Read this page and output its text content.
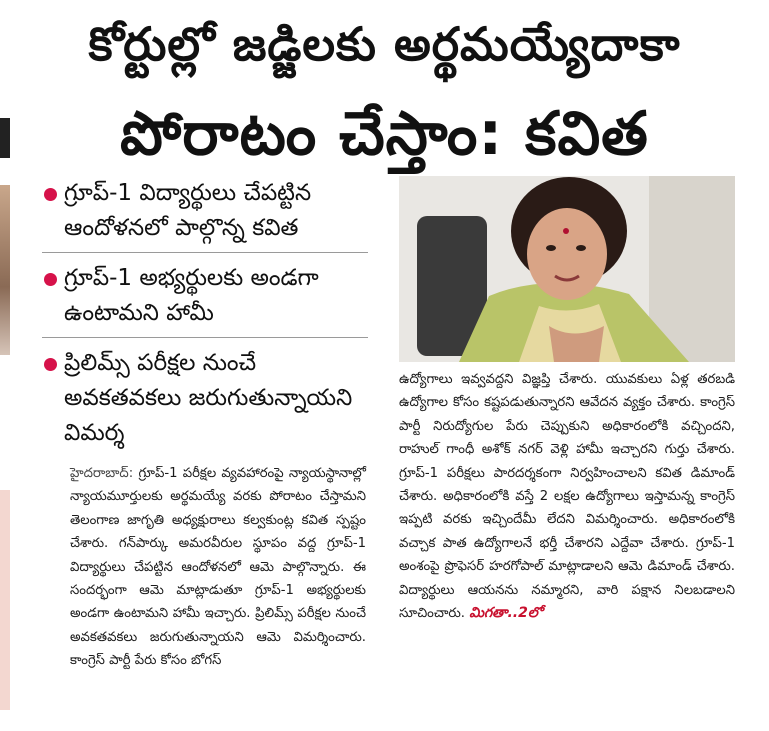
కోర్టుల్లో జడ్జిలకు అర్థమయ్యేదాకా
పోరాటం చేస్తాం: కవిత
గ్రూప్-1 విద్యార్థులు చేపట్టిన ఆందోళనలో పాల్గొన్న కవిత
గ్రూప్-1 అభ్యర్థులకు అండగా ఉంటామని హామీ
ప్రిలిమ్స్ పరీక్షల నుంచే అవకతవకలు జరుగుతున్నాయని విమర్శ

హైదరాబాద్: గ్రూప్-1 పరీక్షల వ్యవహారంపై న్యాయస్థానాల్లో న్యాయమూర్తులకు అర్థమయ్యే వరకు పోరాటం చేస్తామని తెలంగాణ జాగృతి అధ్యక్షురాలు కల్వకుంట్ల కవిత స్పష్టం చేశారు. గన్‌పార్కు అమరవీరుల స్థూపం వద్ద గ్రూప్-1 విద్యార్థులు చేపట్టిన ఆందోళనలో ఆమె పాల్గొన్నారు. ఈ సందర్భంగా ఆమె మాట్లాడుతూ గ్రూప్-1 అభ్యర్థులకు అండగా ఉంటామని హామీ ఇచ్చారు. ప్రిలిమ్స్ పరీక్షల నుంచే అవకతవకలు జరుగుతున్నాయని ఆమె విమర్శించారు. కాంగ్రెస్ పార్టీ పేరు కోసం బోగస్

ఉద్యోగాలు ఇవ్వవద్దని విజ్ఞప్తి చేశారు. యువకులు ఏళ్ల తరబడి ఉద్యోగాల కోసం కష్టపడుతున్నారని ఆవేదన వ్యక్తం చేశారు. కాంగ్రెస్ పార్టీ నిరుద్యోగుల పేరు చెప్పుకుని అధికారంలోకి వచ్చిందని, రాహుల్ గాంధీ అశోక్ నగర్ వెళ్లి హామీ ఇచ్చారని గుర్తు చేశారు. గ్రూప్-1 పరీక్షలు పారదర్శకంగా నిర్వహించాలని కవిత డిమాండ్ చేశారు. అధికారంలోకి వస్తే 2 లక్షల ఉద్యోగాలు ఇస్తామన్న కాంగ్రెస్ ఇప్పటి వరకు ఇచ్చిందేమీ లేదని విమర్శించారు. అధికారంలోకి వచ్చాక పాత ఉద్యోగాలనే భర్తీ చేశారని ఎద్దేవా చేశారు. గ్రూప్-1 అంశంపై ప్రొఫెసర్ హరగోపాల్ మాట్లాడాలని ఆమె డిమాండ్ చేశారు. విద్యార్థులు ఆయనను నమ్మారని, వారి పక్షాన నిలబడాలని సూచించారు. మిగతా..2లో
